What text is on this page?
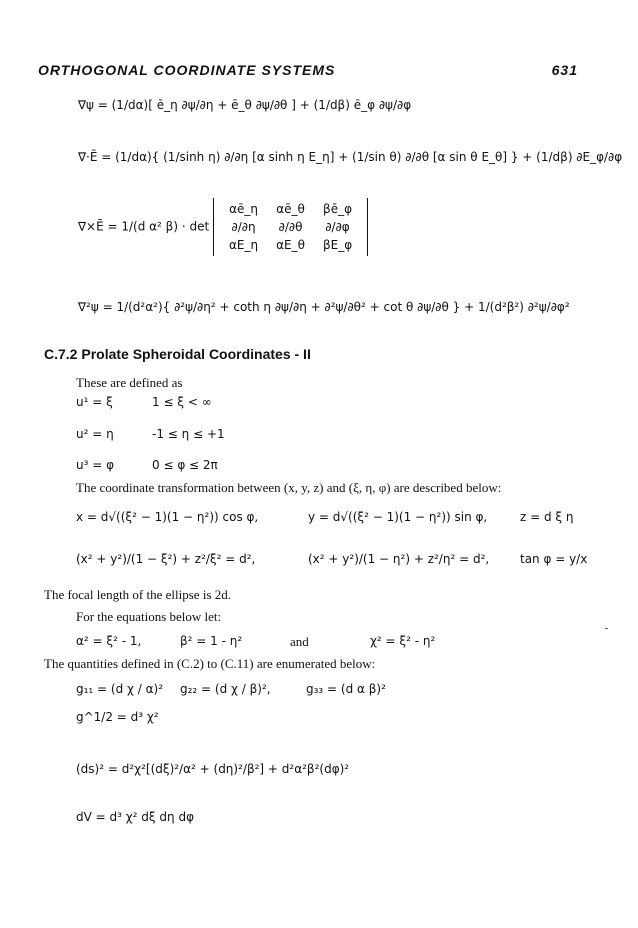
ORTHOGONAL COORDINATE SYSTEMS	631
∇ψ = (1/dα)[ ē_η ∂ψ/∂η + ē_θ ∂ψ/∂θ ] + (1/dβ) ē_φ ∂ψ/∂φ
∇·Ē = (1/dα){ (1/sinh η) ∂/∂η [α sinh η E_η] + (1/sin θ) ∂/∂θ [α sin θ E_θ] } + (1/dβ) ∂E_φ/∂φ
∇×Ē = 1/(d α² β) · det
αē_η	αē_θ	βē_φ
∂/∂η	∂/∂θ	∂/∂φ
αE_η	αE_θ	βE_φ
∇²ψ = 1/(d²α²){ ∂²ψ/∂η² + coth η ∂ψ/∂η + ∂²ψ/∂θ² + cot θ ∂ψ/∂θ } + 1/(d²β²) ∂²ψ/∂φ²
C.7.2 Prolate Spheroidal Coordinates - II
These are defined as
u¹ = ξ	1 ≤ ξ < ∞
u² = η	-1 ≤ η ≤ +1
u³ = φ	0 ≤ φ ≤ 2π
The coordinate transformation between (x, y, z) and (ξ, η, φ) are described below:
x = d√((ξ² − 1)(1 − η²)) cos φ,	y = d√((ξ² − 1)(1 − η²)) sin φ,	z = d ξ η
(x² + y²)/(1 − ξ²) + z²/ξ² = d²,	(x² + y²)/(1 − η²) + z²/η² = d²,	tan φ = y/x
The focal length of the ellipse is 2d.
For the equations below let:
α² = ξ² - 1,	β² = 1 - η²	and	χ² = ξ² - η²
The quantities defined in (C.2) to (C.11) are enumerated below:
g₁₁ = (d χ / α)² g₂₂ = (d χ / β)²,	g₃₃ = (d α β)²
g^1/2 = d³ χ²
(ds)² = d²χ²[(dξ)²/α² + (dη)²/β²] + d²α²β²(dφ)²
dV = d³ χ² dξ dη dφ
